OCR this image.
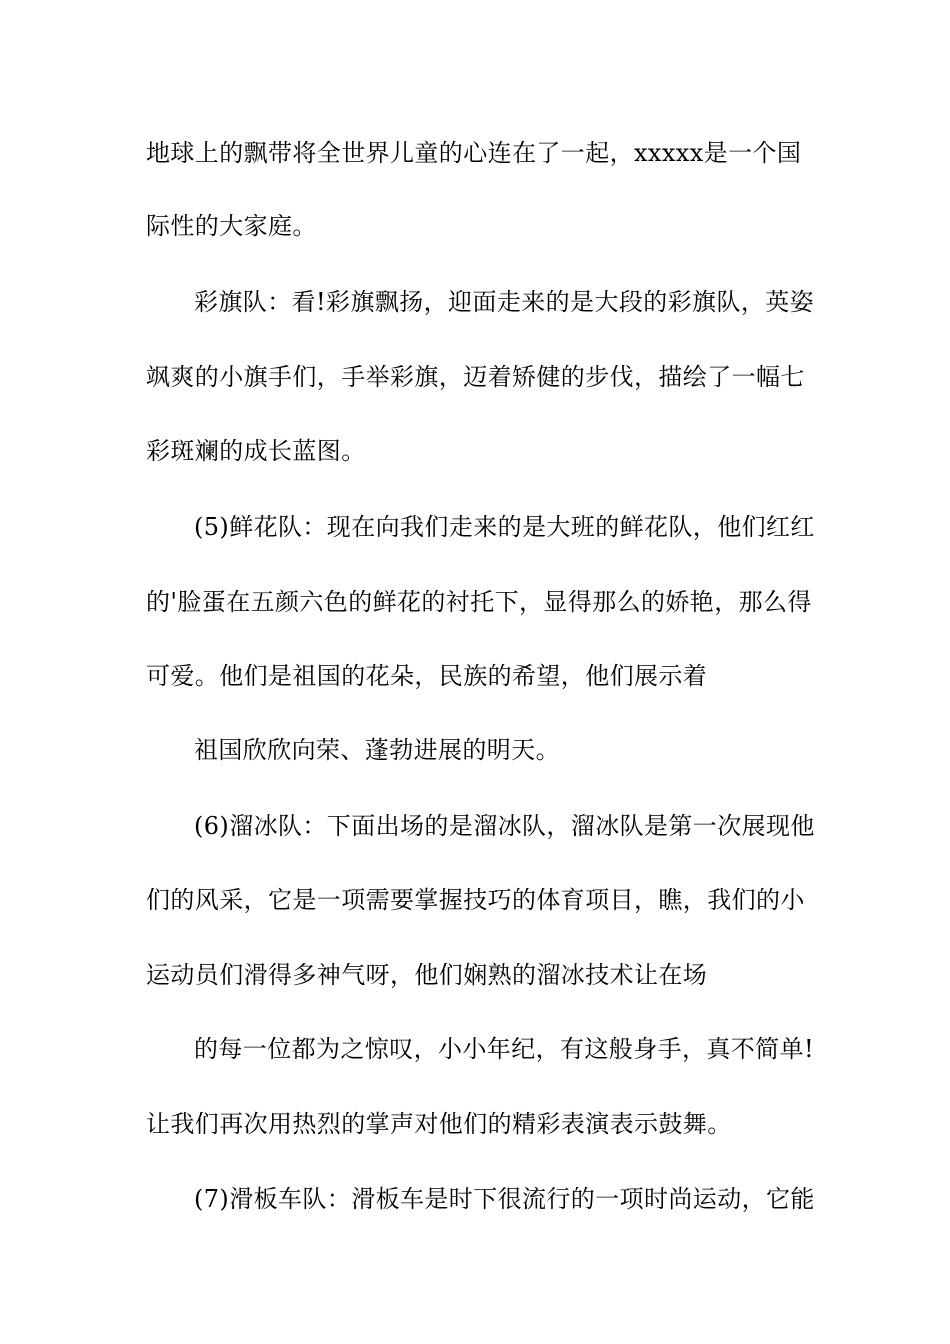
地球上的飘带将全世界儿童的心连在了一起，xxxxx是一个国
际性的大家庭。
彩旗队：看!彩旗飘扬，迎面走来的是大段的彩旗队，英姿
飒爽的小旗手们，手举彩旗，迈着矫健的步伐，描绘了一幅七
彩斑斓的成长蓝图。
(5)鲜花队：现在向我们走来的是大班的鲜花队，他们红红
的'脸蛋在五颜六色的鲜花的衬托下，显得那么的娇艳，那么得
可爱。他们是祖国的花朵，民族的希望，他们展示着
祖国欣欣向荣、蓬勃进展的明天。
(6)溜冰队：下面出场的是溜冰队，溜冰队是第一次展现他
们的风采，它是一项需要掌握技巧的体育项目，瞧，我们的小
运动员们滑得多神气呀，他们娴熟的溜冰技术让在场
的每一位都为之惊叹，小小年纪，有这般身手，真不简单!
让我们再次用热烈的掌声对他们的精彩表演表示鼓舞。
(7)滑板车队：滑板车是时下很流行的一项时尚运动，它能
